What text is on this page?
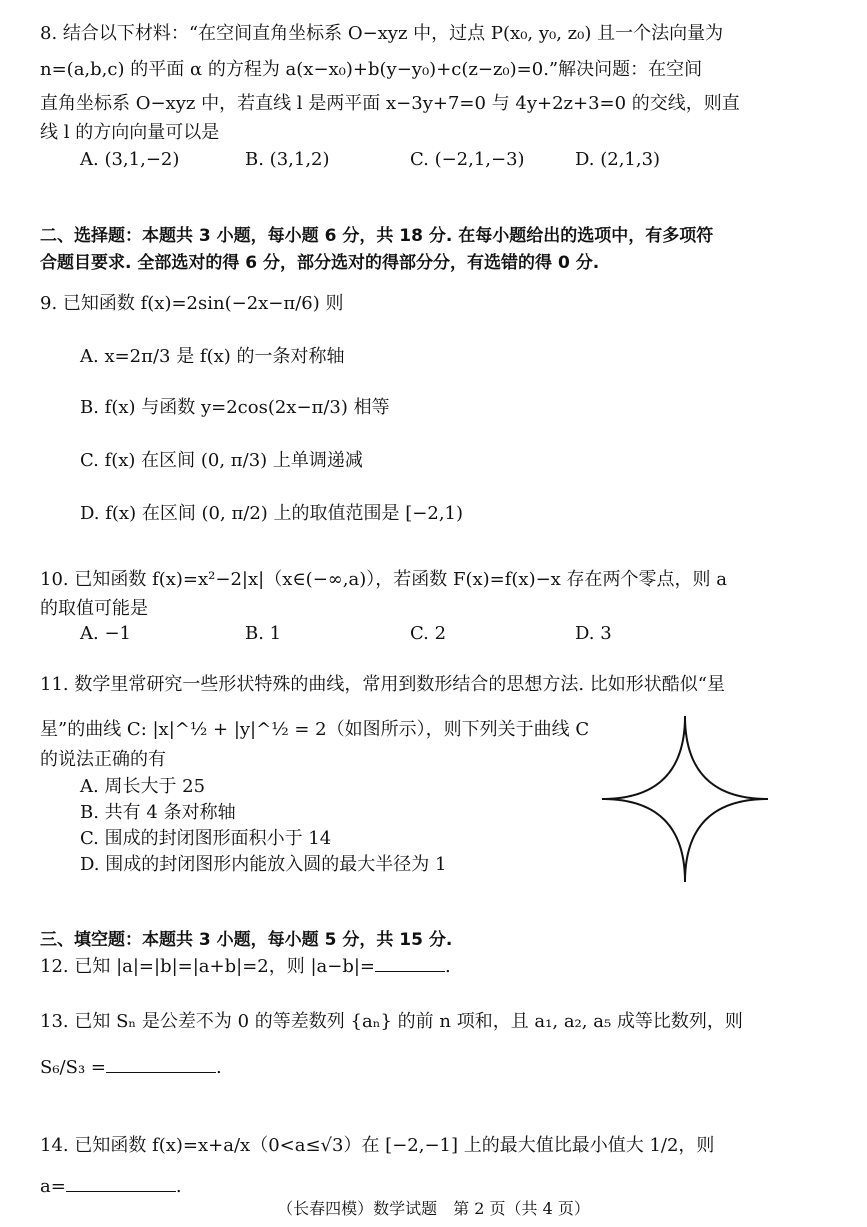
8. 结合以下材料：“在空间直角坐标系 O−xyz 中，过点 P(x₀, y₀, z₀) 且一个法向量为
n=(a,b,c) 的平面 α 的方程为 a(x−x₀)+b(y−y₀)+c(z−z₀)=0.”解决问题：在空间
直角坐标系 O−xyz 中，若直线 l 是两平面 x−3y+7=0 与 4y+2z+3=0 的交线，则直
线 l 的方向向量可以是
A. (3,1,−2)	B. (3,1,2)	C. (−2,1,−3)	D. (2,1,3)
二、选择题：本题共 3 小题，每小题 6 分，共 18 分. 在每小题给出的选项中，有多项符
合题目要求. 全部选对的得 6 分，部分选对的得部分分，有选错的得 0 分.
9. 已知函数 f(x)=2sin(−2x−π/6) 则
A. x=2π/3 是 f(x) 的一条对称轴
B. f(x) 与函数 y=2cos(2x−π/3) 相等
C. f(x) 在区间 (0, π/3) 上单调递减
D. f(x) 在区间 (0, π/2) 上的取值范围是 [−2,1)
10. 已知函数 f(x)=x²−2|x|（x∈(−∞,a)），若函数 F(x)=f(x)−x 存在两个零点，则 a
的取值可能是
A. −1	B. 1	C. 2	D. 3
11. 数学里常研究一些形状特殊的曲线，常用到数形结合的思想方法. 比如形状酷似“星
星”的曲线 C: |x|^½ + |y|^½ = 2（如图所示），则下列关于曲线 C
的说法正确的有
A. 周长大于 25
B. 共有 4 条对称轴
C. 围成的封闭图形面积小于 14
D. 围成的封闭图形内能放入圆的最大半径为 1
三、填空题：本题共 3 小题，每小题 5 分，共 15 分.
12. 已知 |a|=|b|=|a+b|=2，则 |a−b|=	.
13. 已知 Sₙ 是公差不为 0 的等差数列 {aₙ} 的前 n 项和，且 a₁, a₂, a₅ 成等比数列，则
S₆/S₃ =	.
14. 已知函数 f(x)=x+a/x（0<a≤√3）在 [−2,−1] 上的最大值比最小值大 1/2，则
a=	.
（长春四模）数学试题　第 2 页（共 4 页）
